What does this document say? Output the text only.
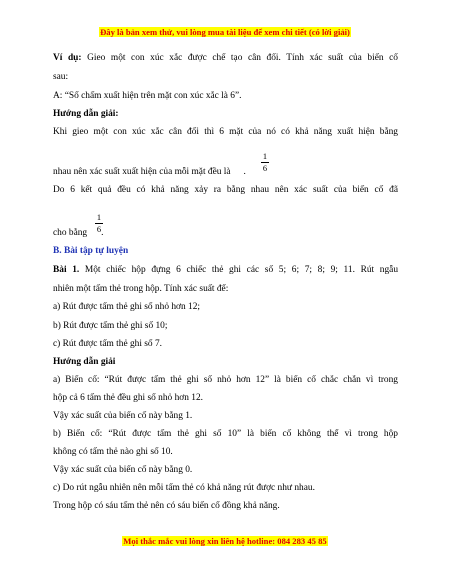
Đây là bản xem thử, vui lòng mua tài liệu để xem chi tiết (có lời giải)
Ví dụ: Gieo một con xúc xắc được chế tạo cân đối. Tính xác suất của biến cố
sau:
A: “Số chấm xuất hiện trên mặt con xúc xắc là 6”.
Hướng dẫn giải:
Khi gieo một con xúc xắc cân đối thì 6 mặt của nó có khả năng xuất hiện bằng
1
6
nhau nên xác suất xuất hiện của mỗi mặt đều là .
Do 6 kết quả đều có khả năng xảy ra bằng nhau nên xác suất của biến cố đã
1
6
cho bằng .
B. Bài tập tự luyện
Bài 1. Một chiếc hộp đựng 6 chiếc thẻ ghi các số 5; 6; 7; 8; 9; 11. Rút ngẫu
nhiên một tấm thẻ trong hộp. Tính xác suất để:
a) Rút được tấm thẻ ghi số nhỏ hơn 12;
b) Rút được tấm thẻ ghi số 10;
c) Rút được tấm thẻ ghi số 7.
Hướng dẫn giải
a) Biến cố: “Rút được tấm thẻ ghi số nhỏ hơn 12” là biến cố chắc chắn vì trong
hộp cả 6 tấm thẻ đều ghi số nhỏ hơn 12.
Vậy xác suất của biến cố này bằng 1.
b) Biến cố: “Rút được tấm thẻ ghi số 10” là biến cố không thể vì trong hộp
không có tấm thẻ nào ghi số 10.
Vậy xác suất của biến cố này bằng 0.
c) Do rút ngẫu nhiên nên mỗi tấm thẻ có khả năng rút được như nhau.
Trong hộp có sáu tấm thẻ nên có sáu biến cố đồng khả năng.
Mọi thắc mắc vui lòng xin liên hệ hotline: 084 283 45 85
